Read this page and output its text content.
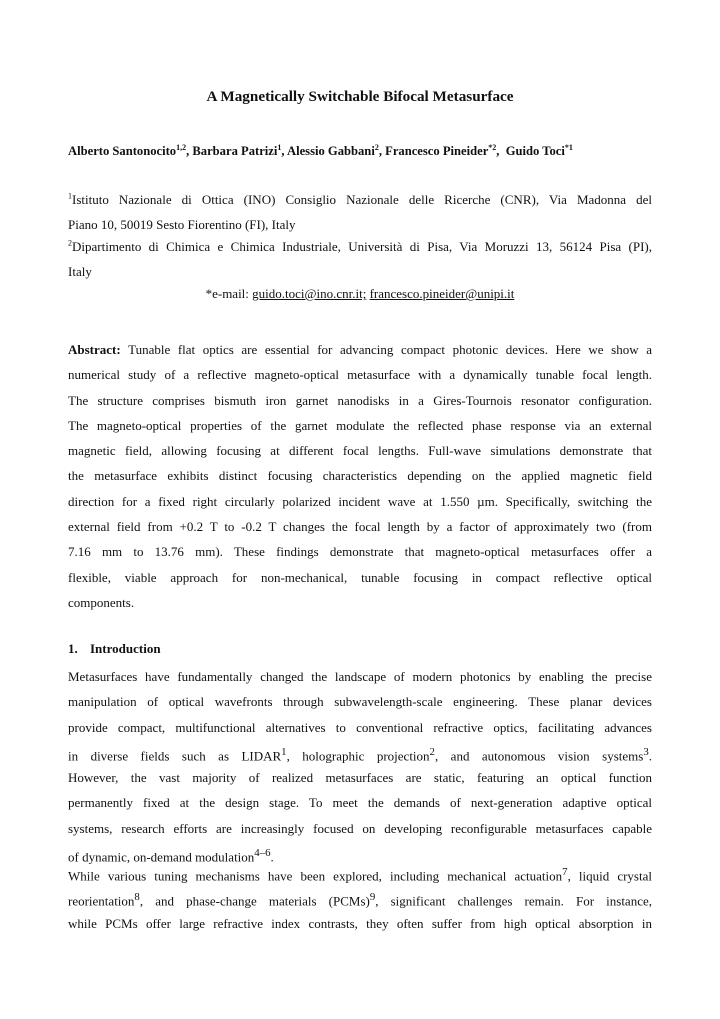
A Magnetically Switchable Bifocal Metasurface
Alberto Santonocito$^{1,2}$, Barbara Patrizi$^1$, Alessio Gabbani$^2$, Francesco Pineider$^{*2}$,  Guido Toci$^{*1}$
$^1$Istituto Nazionale di Ottica (INO) Consiglio Nazionale delle Ricerche (CNR), Via Madonna del
Piano 10, 50019 Sesto Fiorentino (FI), Italy
$^2$Dipartimento di Chimica e Chimica Industriale, Università di Pisa, Via Moruzzi 13, 56124 Pisa (PI),
Italy
*e-mail: guido.toci@ino.cnr.it; francesco.pineider@unipi.it
Abstract: Tunable flat optics are essential for advancing compact photonic devices. Here we show a
numerical study of a reflective magneto-optical metasurface with a dynamically tunable focal length.
The structure comprises bismuth iron garnet nanodisks in a Gires-Tournois resonator configuration.
The magneto-optical properties of the garnet modulate the reflected phase response via an external
magnetic field, allowing focusing at different focal lengths. Full-wave simulations demonstrate that
the metasurface exhibits distinct focusing characteristics depending on the applied magnetic field
direction for a fixed right circularly polarized incident wave at 1.550 µm. Specifically, switching the
external field from +0.2 T to -0.2 T changes the focal length by a factor of approximately two (from
7.16 mm to 13.76 mm). These findings demonstrate that magneto-optical metasurfaces offer a
flexible, viable approach for non-mechanical, tunable focusing in compact reflective optical
components.
1. Introduction
Metasurfaces have fundamentally changed the landscape of modern photonics by enabling the precise
manipulation of optical wavefronts through subwavelength-scale engineering. These planar devices
provide compact, multifunctional alternatives to conventional refractive optics, facilitating advances
in diverse fields such as LIDAR$^1$, holographic projection$^2$, and autonomous vision systems$^3$.
However, the vast majority of realized metasurfaces are static, featuring an optical function
permanently fixed at the design stage. To meet the demands of next-generation adaptive optical
systems, research efforts are increasingly focused on developing reconfigurable metasurfaces capable
of dynamic, on-demand modulation$^{4-6}$.
While various tuning mechanisms have been explored, including mechanical actuation$^7$, liquid crystal
reorientation$^8$, and phase-change materials (PCMs)$^9$, significant challenges remain. For instance,
while PCMs offer large refractive index contrasts, they often suffer from high optical absorption in
